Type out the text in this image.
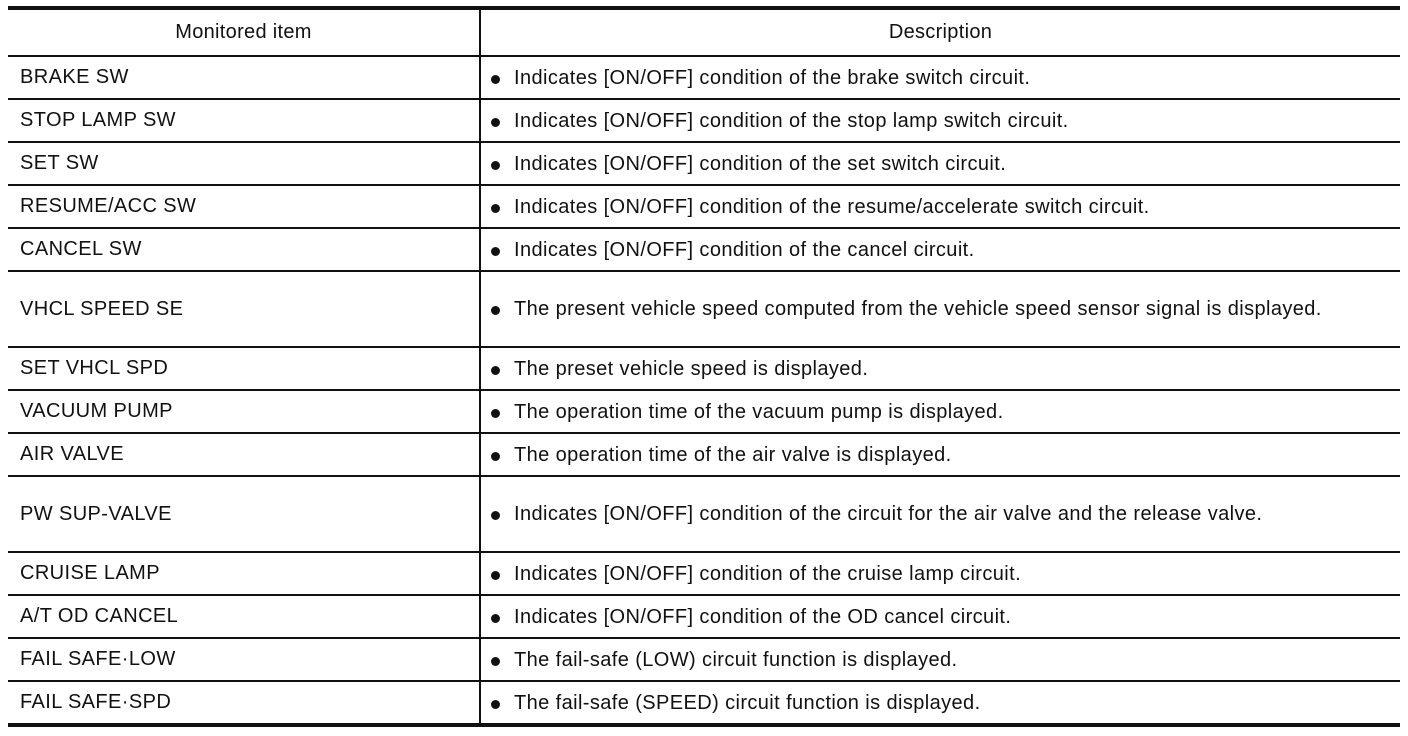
Monitored item	Description
BRAKE SW	Indicates [ON/OFF] condition of the brake switch circuit.

STOP LAMP SW	Indicates [ON/OFF] condition of the stop lamp switch circuit.

SET SW	Indicates [ON/OFF] condition of the set switch circuit.

RESUME/ACC SW	Indicates [ON/OFF] condition of the resume/accelerate switch circuit.

CANCEL SW	Indicates [ON/OFF] condition of the cancel circuit.

VHCL SPEED SE	The present vehicle speed computed from the vehicle speed sensor signal is displayed.

SET VHCL SPD	The preset vehicle speed is displayed.

VACUUM PUMP	The operation time of the vacuum pump is displayed.

AIR VALVE	The operation time of the air valve is displayed.

PW SUP-VALVE	Indicates [ON/OFF] condition of the circuit for the air valve and the release valve.

CRUISE LAMP	Indicates [ON/OFF] condition of the cruise lamp circuit.

A/T OD CANCEL	Indicates [ON/OFF] condition of the OD cancel circuit.

FAIL SAFE·LOW	The fail-safe (LOW) circuit function is displayed.

FAIL SAFE·SPD	The fail-safe (SPEED) circuit function is displayed.
